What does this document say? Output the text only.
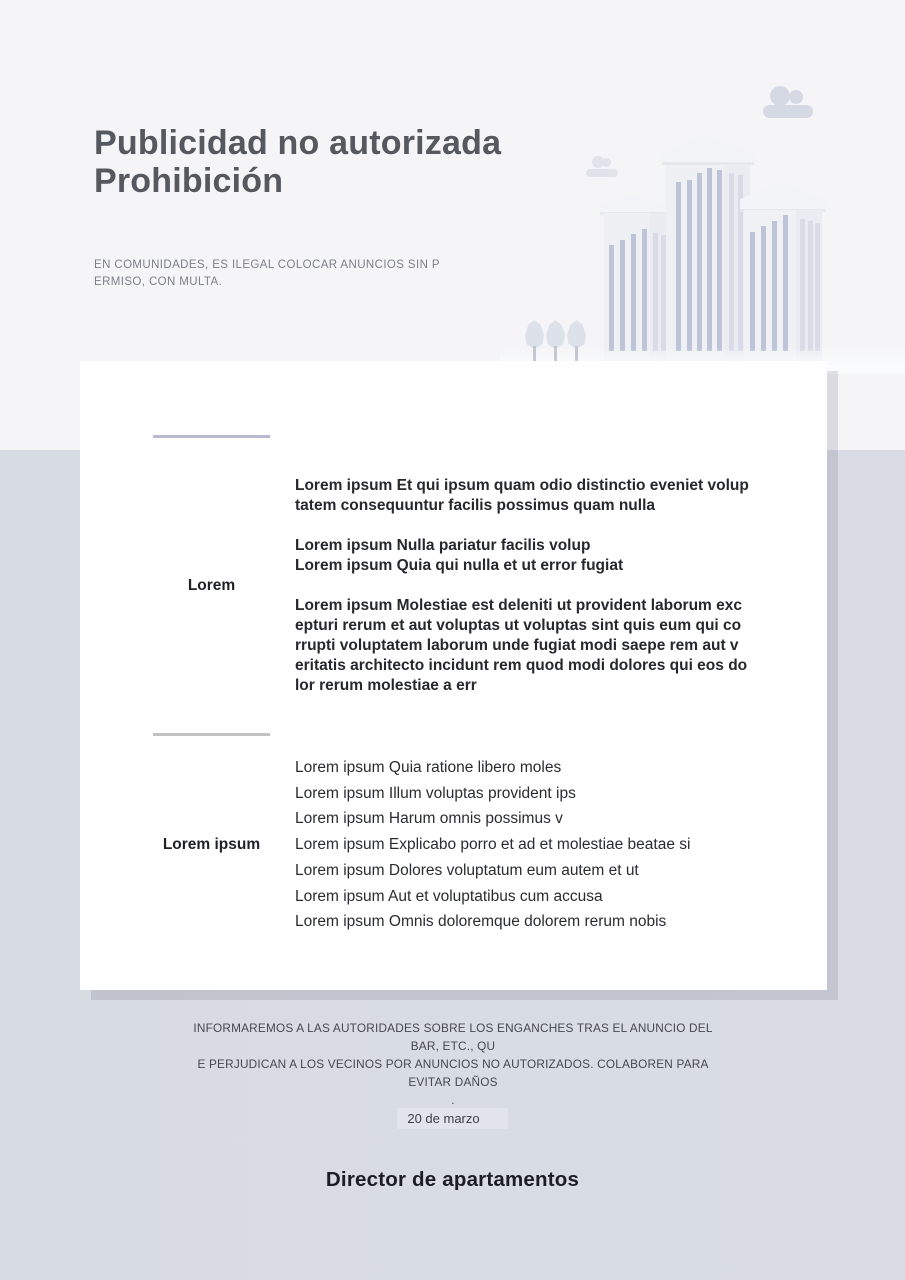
Publicidad no autorizada
Prohibición
EN COMUNIDADES, ES ILEGAL COLOCAR ANUNCIOS SIN P
ERMISO, CON MULTA.
Lorem
Lorem ipsum Et qui ipsum quam odio distinctio eveniet volup
tatem consequuntur facilis possimus quam nulla
Lorem ipsum Nulla pariatur facilis volup
Lorem ipsum Quia qui nulla et ut error fugiat
Lorem ipsum Molestiae est deleniti ut provident laborum exc
epturi rerum et aut voluptas ut voluptas sint quis eum qui co
rrupti voluptatem laborum unde fugiat modi saepe rem aut v
eritatis architecto incidunt rem quod modi dolores qui eos do
lor rerum molestiae a err
Lorem ipsum
Lorem ipsum Quia ratione libero moles
Lorem ipsum Illum voluptas provident ips
Lorem ipsum Harum omnis possimus v
Lorem ipsum Explicabo porro et ad et molestiae beatae si
Lorem ipsum Dolores voluptatum eum autem et ut
Lorem ipsum Aut et voluptatibus cum accusa
Lorem ipsum Omnis doloremque dolorem rerum nobis
INFORMAREMOS A LAS AUTORIDADES SOBRE LOS ENGANCHES TRAS EL ANUNCIO DEL BAR, ETC., QU
E PERJUDICAN A LOS VECINOS POR ANUNCIOS NO AUTORIZADOS. COLABOREN PARA EVITAR DAÑOS
.
20 de marzo
Director de apartamentos
